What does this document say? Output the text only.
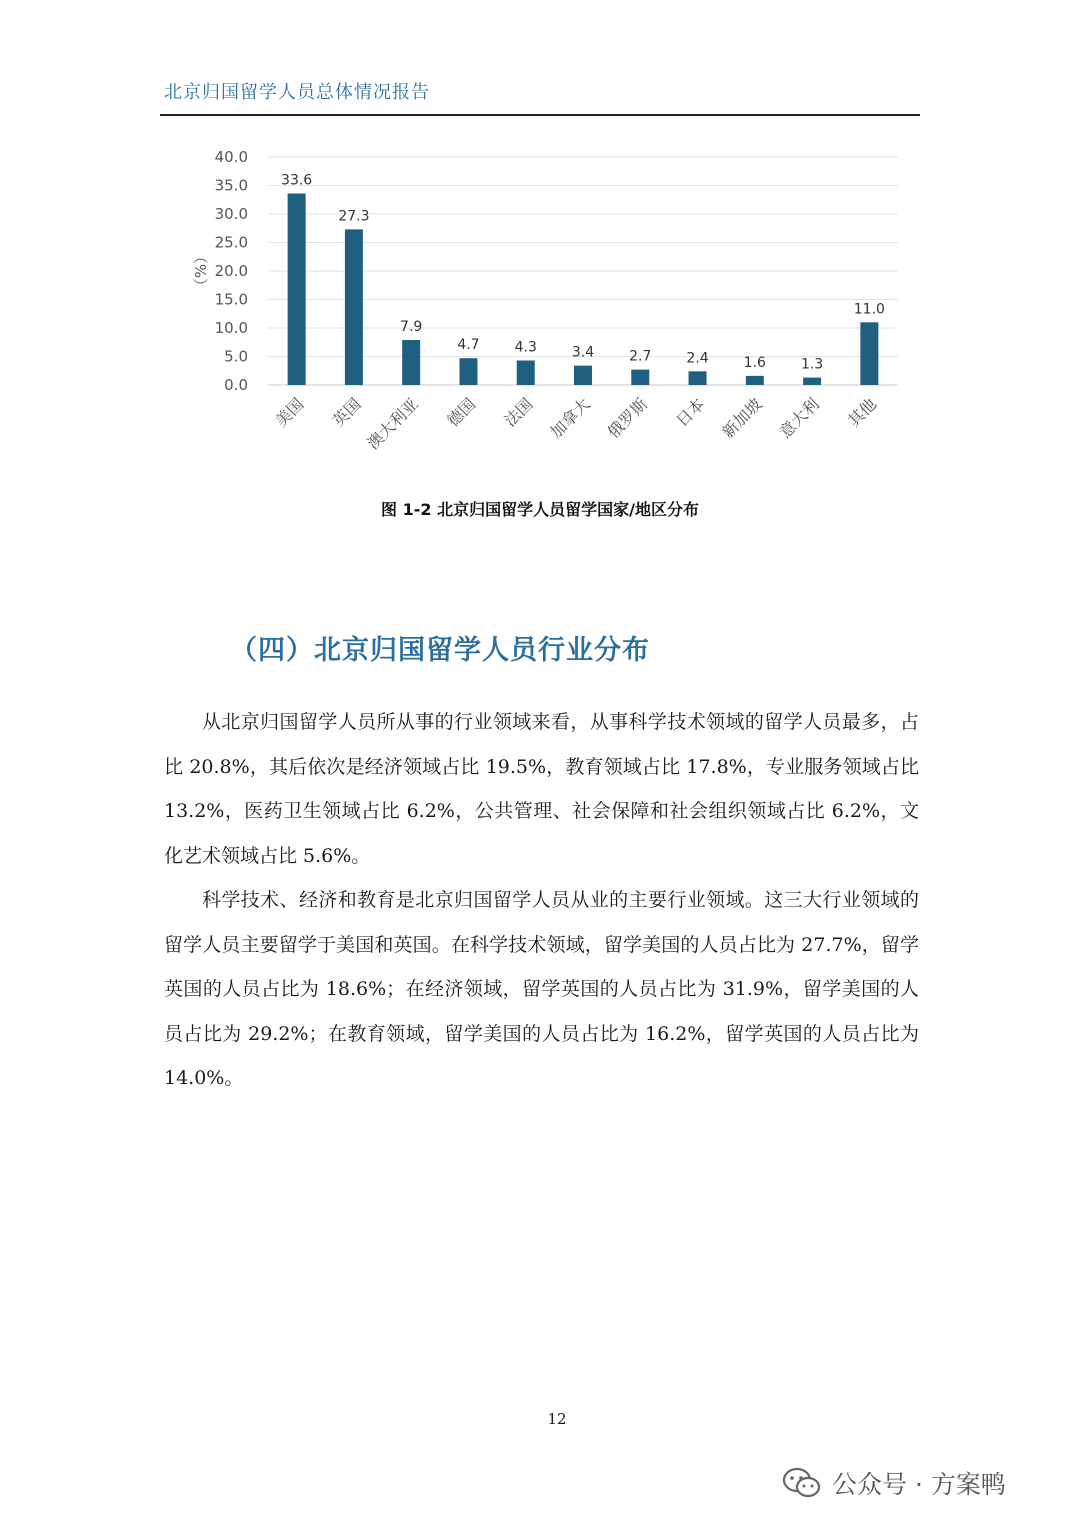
北京归国留学人员总体情况报告
0.0
5.0
10.0
15.0
20.0
25.0
30.0
35.0
40.0
33.6
27.3
7.9
4.7	4.3	3.4	2.7	2.4	1.6	1.3
11.0
美国 英国
澳大利亚 德国 法国 加拿大 俄罗斯 日本 新加坡 意大利 其他
（%）
图 1-2 北京归国留学人员留学国家/地区分布
（四）北京归国留学人员行业分布

从北京归国留学人员所从事的行业领域来看，从事科学技术领域的留学人员最多，占比 20.8%，其后依次是经济领域占比 19.5%，教育领域占比 17.8%，专业服务领域占比 13.2%，医药卫生领域占比 6.2%，公共管理、社会保障和社会组织领域占比 6.2%，文化艺术领域占比 5.6%。

科学技术、经济和教育是北京归国留学人员从业的主要行业领域。这三大行业领域的留学人员主要留学于美国和英国。在科学技术领域，留学美国的人员占比为 27.7%，留学英国的人员占比为 18.6%；在经济领域，留学英国的人员占比为 31.9%，留学美国的人员占比为 29.2%；在教育领域，留学美国的人员占比为 16.2%，留学英国的人员占比为 14.0%。

12
公众号 · 方案鸭
